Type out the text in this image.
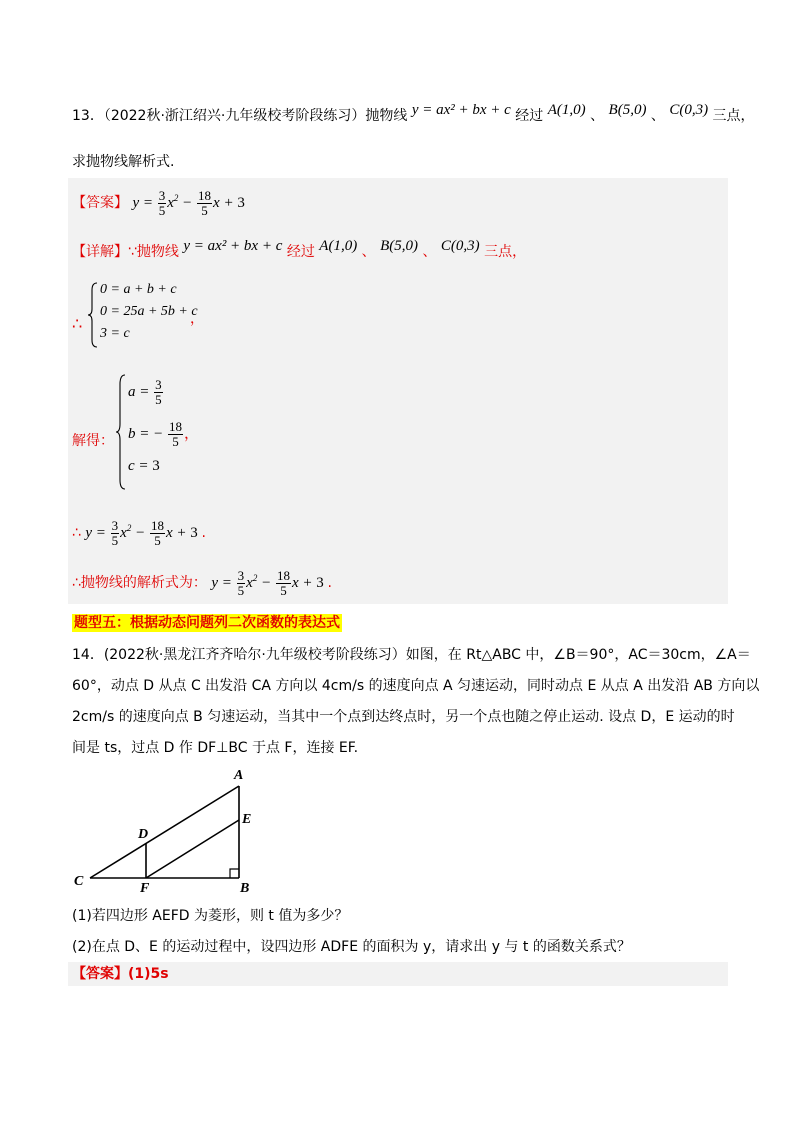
13．（2022秋·浙江绍兴·九年级校考阶段练习）抛物线 y = ax² + bx + c 经过 A(1,0) 、 B(5,0) 、 C(0,3) 三点，
求抛物线解析式.
【答案】 $y = \frac{3}{5} x^2 - \frac{18}{5}$ x + 3
【详解】∵抛物线 y = ax² + bx + c 经过 A(1,0) 、 B(5,0) 、 C(0,3) 三点，
∴
0 = a + b + c
0 = 25a + 5b + c
3 = c
，
解得：
$a = \frac{3}{5}$
b = − $\frac{18}{5}$ ，
c = 3
∴ $y = \frac{3}{5} x^2 - \frac{18}{5}$ x + 3 .
∴抛物线的解析式为： $y = \frac{3}{5} x^2 - \frac{18}{5}$ x + 3 .
题型五：根据动态问题列二次函数的表达式
14．(2022秋·黑龙江齐齐哈尔·九年级校考阶段练习）如图，在 Rt△ABC 中，∠B＝90°，AC＝30cm，∠A＝
60°，动点 D 从点 C 出发沿 CA 方向以 4cm/s 的速度向点 A 匀速运动，同时动点 E 从点 A 出发沿 AB 方向以
2cm/s 的速度向点 B 匀速运动，当其中一个点到达终点时，另一个点也随之停止运动. 设点 D，E 运动的时
间是 ts，过点 D 作 DF⊥BC 于点 F，连接 EF.
A
B
C
D
E
F
(1)若四边形 AEFD 为菱形，则 t 值为多少？
(2)在点 D、E 的运动过程中，设四边形 ADFE 的面积为 y，请求出 y 与 t 的函数关系式？
【答案】(1)5s
